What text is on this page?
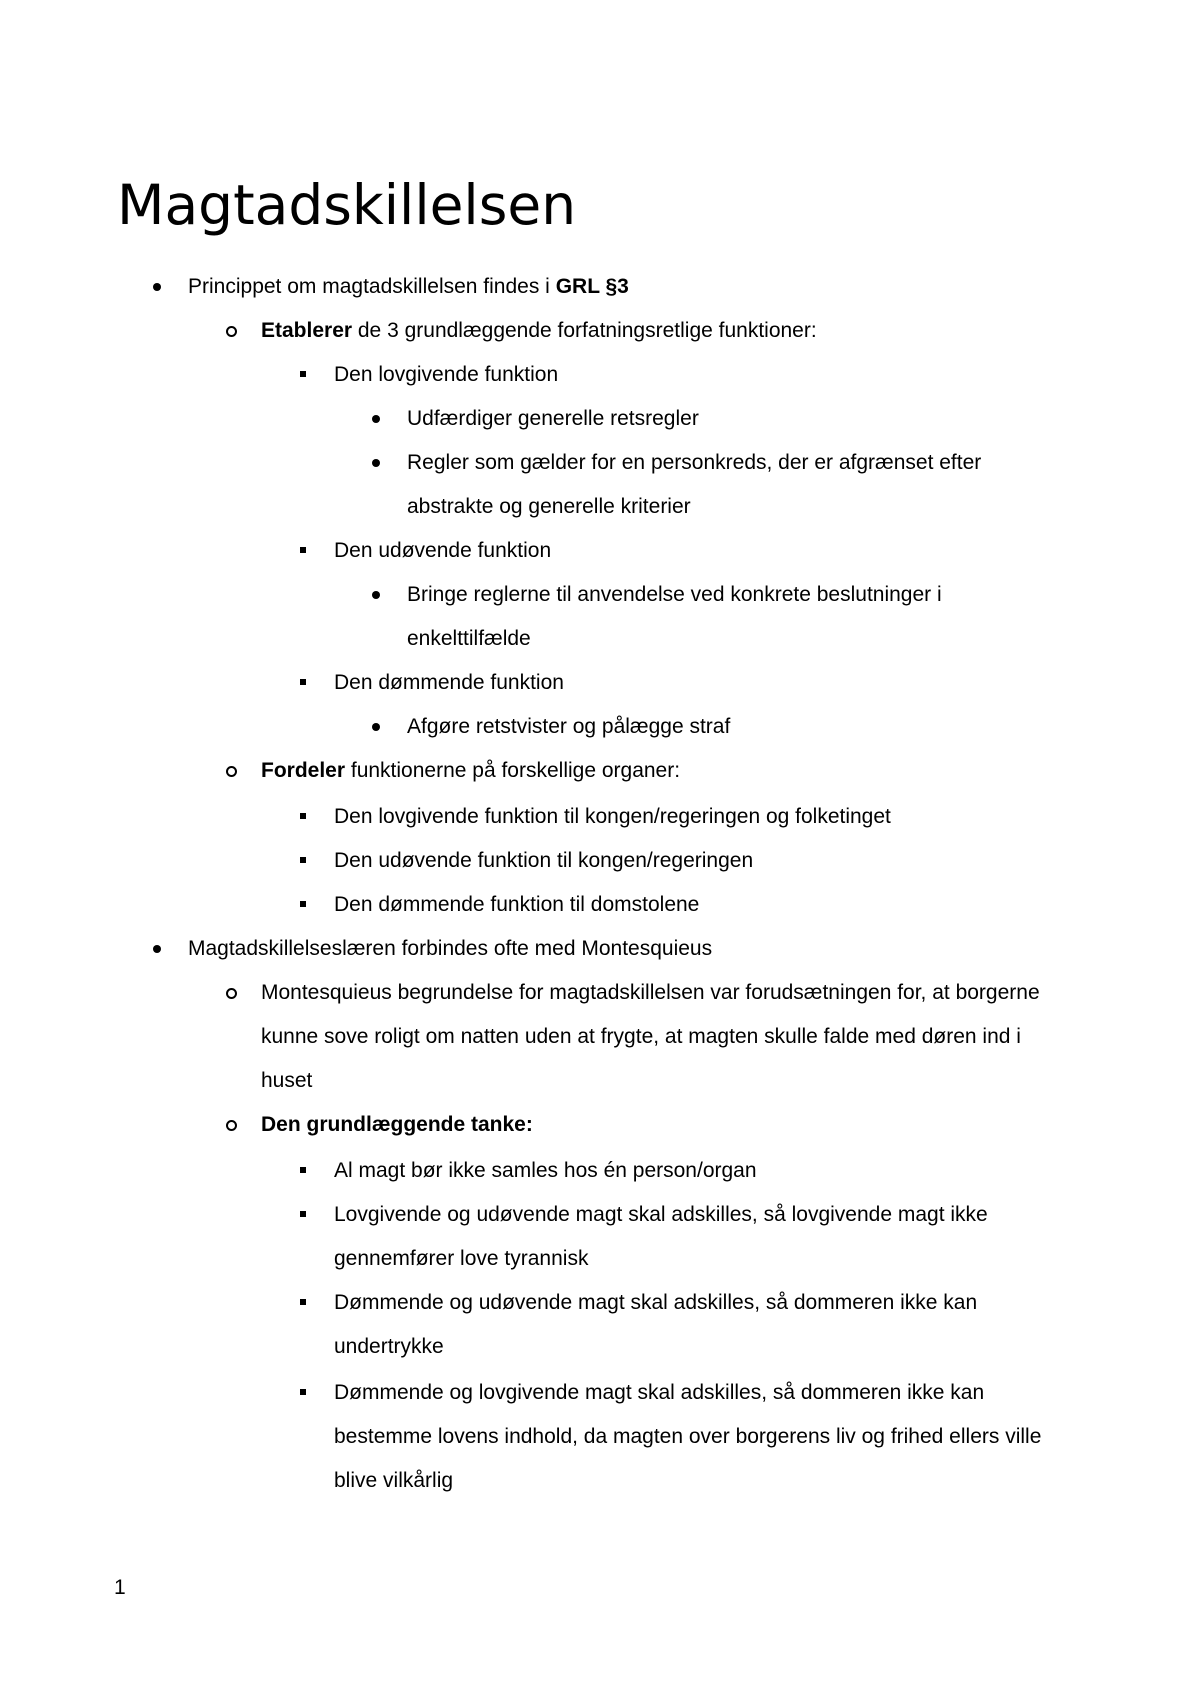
Magtadskillelsen
Princippet om magtadskillelsen findes i GRL §3
Etablerer de 3 grundlæggende forfatningsretlige funktioner:
Den lovgivende funktion
Udfærdiger generelle retsregler
Regler som gælder for en personkreds, der er afgrænset efter
abstrakte og generelle kriterier
Den udøvende funktion
Bringe reglerne til anvendelse ved konkrete beslutninger i
enkelttilfælde
Den dømmende funktion
Afgøre retstvister og pålægge straf
Fordeler funktionerne på forskellige organer:
Den lovgivende funktion til kongen/regeringen og folketinget
Den udøvende funktion til kongen/regeringen
Den dømmende funktion til domstolene
Magtadskillelseslæren forbindes ofte med Montesquieus
Montesquieus begrundelse for magtadskillelsen var forudsætningen for, at borgerne
kunne sove roligt om natten uden at frygte, at magten skulle falde med døren ind i
huset
Den grundlæggende tanke:
Al magt bør ikke samles hos én person/organ
Lovgivende og udøvende magt skal adskilles, så lovgivende magt ikke
gennemfører love tyrannisk
Dømmende og udøvende magt skal adskilles, så dommeren ikke kan
undertrykke
Dømmende og lovgivende magt skal adskilles, så dommeren ikke kan
bestemme lovens indhold, da magten over borgerens liv og frihed ellers ville
blive vilkårlig
1
